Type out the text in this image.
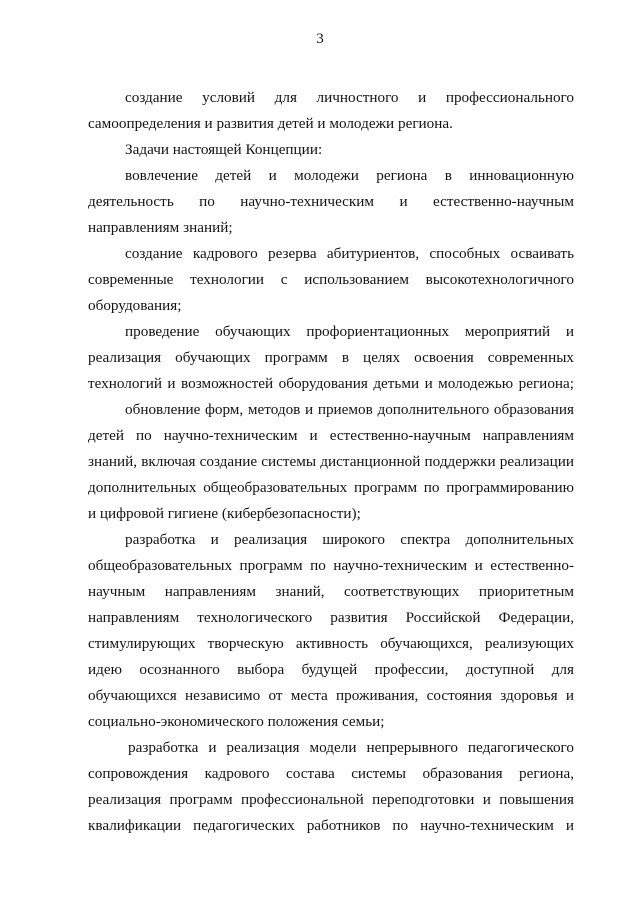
3
создание условий для личностного и профессионального
самоопределения и развития детей и молодежи региона.
Задачи настоящей Концепции:
вовлечение детей и молодежи региона в инновационную
деятельность по научно-техническим и естественно-научным
направлениям знаний;
создание кадрового резерва абитуриентов, способных осваивать
современные технологии с использованием высокотехнологичного
оборудования;
проведение обучающих профориентационных мероприятий и
реализация обучающих программ в целях освоения современных
технологий и возможностей оборудования детьми и молодежью региона;
обновление форм, методов и приемов дополнительного образования
детей по научно-техническим и естественно-научным направлениям
знаний, включая создание системы дистанционной поддержки реализации
дополнительных общеобразовательных программ по программированию
и цифровой гигиене (кибербезопасности);
разработка и реализация широкого спектра дополнительных
общеобразовательных программ по научно-техническим и естественно-
научным направлениям знаний, соответствующих приоритетным
направлениям технологического развития Российской Федерации,
стимулирующих творческую активность обучающихся, реализующих
идею осознанного выбора будущей профессии, доступной для
обучающихся независимо от места проживания, состояния здоровья и
социально-экономического положения семьи;
разработка и реализация модели непрерывного педагогического
сопровождения кадрового состава системы образования региона,
реализация программ профессиональной переподготовки и повышения
квалификации педагогических работников по научно-техническим и
